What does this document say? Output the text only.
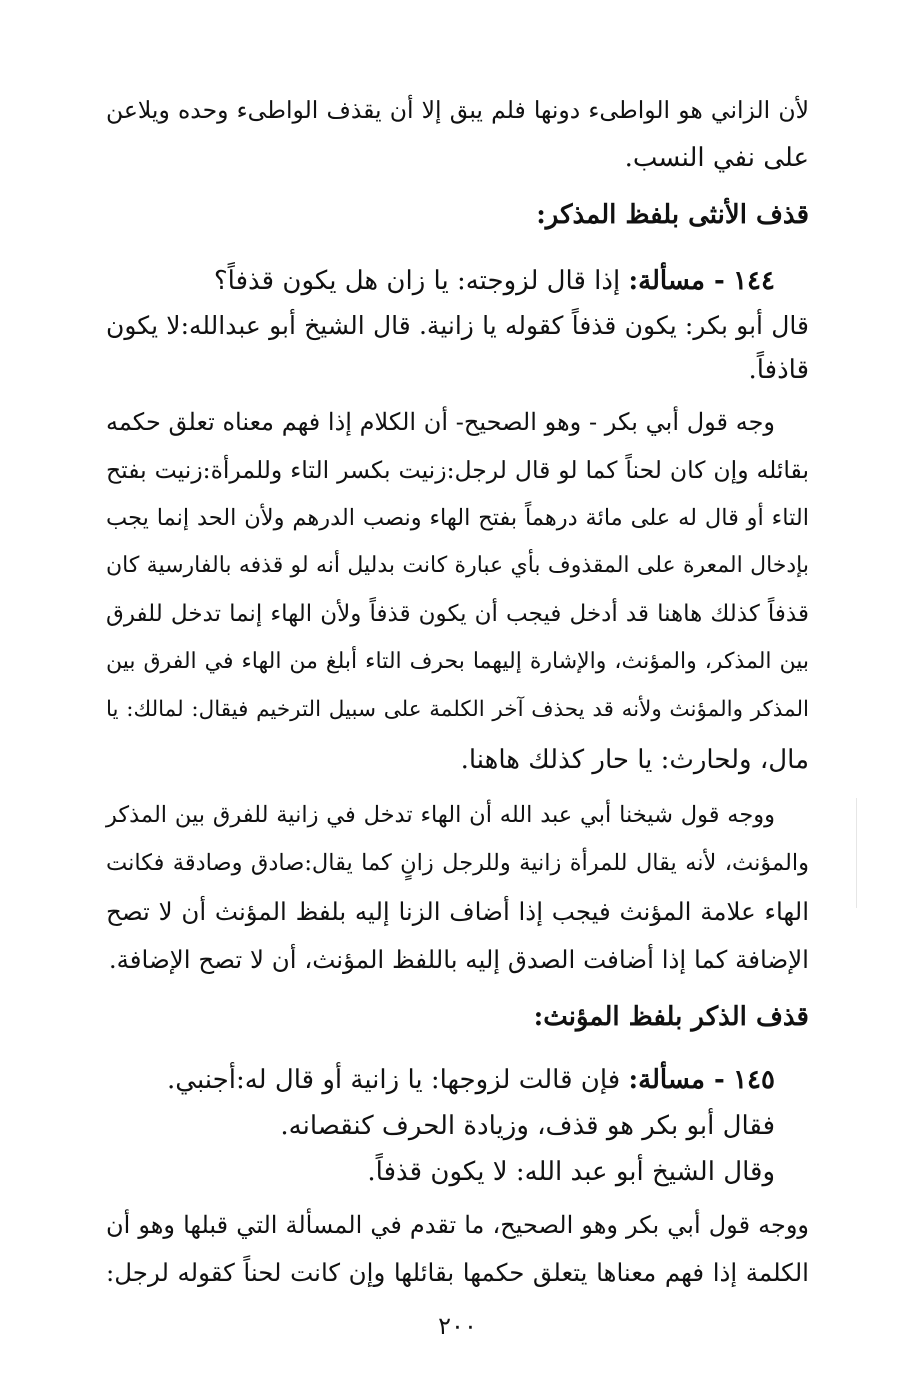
لأن الزاني هو الواطىء دونها فلم يبق إلا أن يقذف الواطىء وحده ويلاعن
على نفي النسب.
قذف الأنثى بلفظ المذكر:
١٤٤ - مسألة: إذا قال لزوجته: يا زان هل يكون قذفاً؟
قال أبو بكر: يكون قذفاً كقوله يا زانية. قال الشيخ أبو عبدالله:لا يكون
قاذفاً.
وجه قول أبي بكر - وهو الصحيح- أن الكلام إذا فهم معناه تعلق حكمه
بقائله وإن كان لحناً كما لو قال لرجل:زنيت بكسر التاء وللمرأة:زنيت بفتح
التاء أو قال له على مائة درهماً بفتح الهاء ونصب الدرهم ولأن الحد إنما يجب
بإدخال المعرة على المقذوف بأي عبارة كانت بدليل أنه لو قذفه بالفارسية كان
قذفاً كذلك هاهنا قد أدخل فيجب أن يكون قذفاً ولأن الهاء إنما تدخل للفرق
بين المذكر، والمؤنث، والإشارة إليهما بحرف التاء أبلغ من الهاء في الفرق بين
المذكر والمؤنث ولأنه قد يحذف آخر الكلمة على سبيل الترخيم فيقال: لمالك: يا
مال، ولحارث: يا حار كذلك هاهنا.
ووجه قول شيخنا أبي عبد الله أن الهاء تدخل في زانية للفرق بين المذكر
والمؤنث، لأنه يقال للمرأة زانية وللرجل زانٍ كما يقال:صادق وصادقة فكانت
الهاء علامة المؤنث فيجب إذا أضاف الزنا إليه بلفظ المؤنث أن لا تصح
الإضافة كما إذا أضافت الصدق إليه باللفظ المؤنث، أن لا تصح الإضافة.
قذف الذكر بلفظ المؤنث:
١٤٥ - مسألة: فإن قالت لزوجها: يا زانية أو قال له:أجنبي.
فقال أبو بكر هو قذف، وزيادة الحرف كنقصانه.
وقال الشيخ أبو عبد الله: لا يكون قذفاً.
ووجه قول أبي بكر وهو الصحيح، ما تقدم في المسألة التي قبلها وهو أن
الكلمة إذا فهم معناها يتعلق حكمها بقائلها وإن كانت لحناً كقوله لرجل:
٢٠٠
